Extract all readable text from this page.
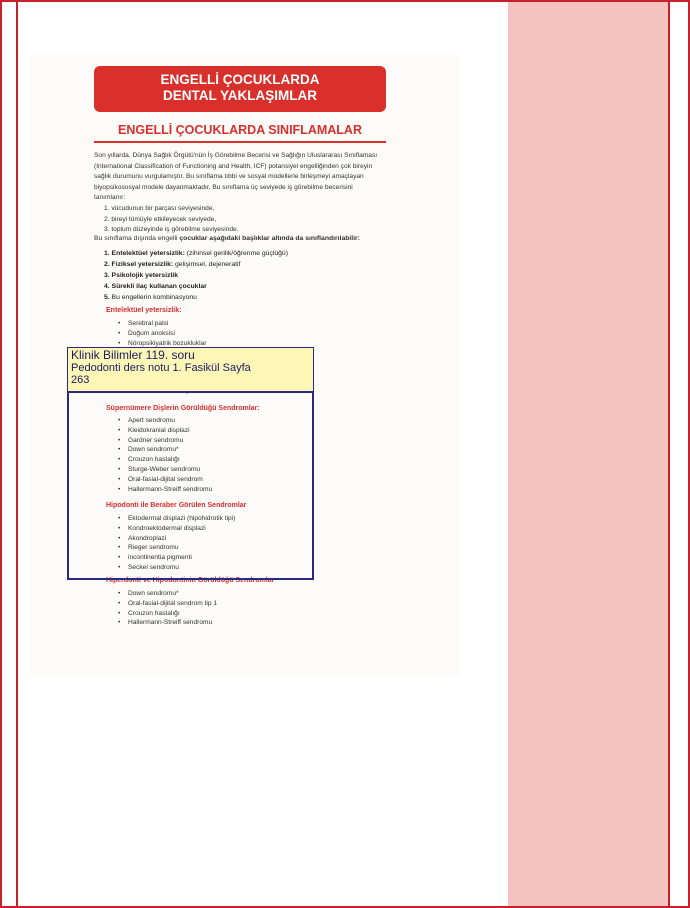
ENGELLİ ÇOCUKLARDA
DENTAL YAKLAŞIMLAR
ENGELLİ ÇOCUKLARDA SINIFLAMALAR

Son yıllarda, Dünya Sağlık Örgütü'nün İş Görebilme Becerisi ve Sağlığın Uluslararası Sınıflaması

(International Classification of Functioning and Health, ICF) potansiyel engelliğinden çok bireyin

sağlık durumunu vurgulamıştır. Bu sınıflama tıbbi ve sosyal modellerle birleşmeyi amaçlayan

biyopsikososyal modele dayanmaktadır. Bu sınıflama üç seviyede iş görebilme becerisini

tanımlanır:

1. vücudunun bir parçası seviyesinde,
2. bireyi tümüyle etkileyecek seviyede,
3. toplum düzeyinde iş görebilme seviyesinde.
Bu sınıflama dışında engelli çocuklar aşağıdaki başlıklar altında da sınıflandırılabilir:
1. Entelektüel yetersizlik: (zihinsel gerilik/öğrenme güçlüğü)
2. Fiziksel yetersizlik: gelişimsel, dejeneratif
3. Psikolojik yetersizlik
4. Sürekli ilaç kullanan çocuklar
5. Bu engellerin kombinasyonu
Entelektüel yetersizlik:
• Serebral palsi
• Doğum anoksisi
• Nöropsikiyatrik bozukluklar
•
Süpernümere Dişlerin Görüldüğü Sendromlar:
• Apert sendromu
• Kleidokranial displazi
• Gardner sendromu
• Down sendromu*
• Crouzon hastalığı
• Sturge-Weber sendromu
• Oral-fasial-dijital sendrom
• Hallermann-Streiff sendromu
Hipodonti ile Beraber Görülen Sendromlar
• Ektodermal displazi (hipohidrotik tipi)
• Kondroektodermal displazi
• Akondroplazi
• Rieger sendromu
• incontinentia pigmenti
• Seckel sendromu
Hiperdonti ve Hipodontinin Görüldüğü Sendromlar
• Down sendromu*
• Oral-fasial-dijital sendrom tip 1
• Crouzon hastalığı
• Hallermann-Streiff sendromu
Klinik Bilimler 119. soru
Pedodonti ders notu 1. Fasikül Sayfa
263
